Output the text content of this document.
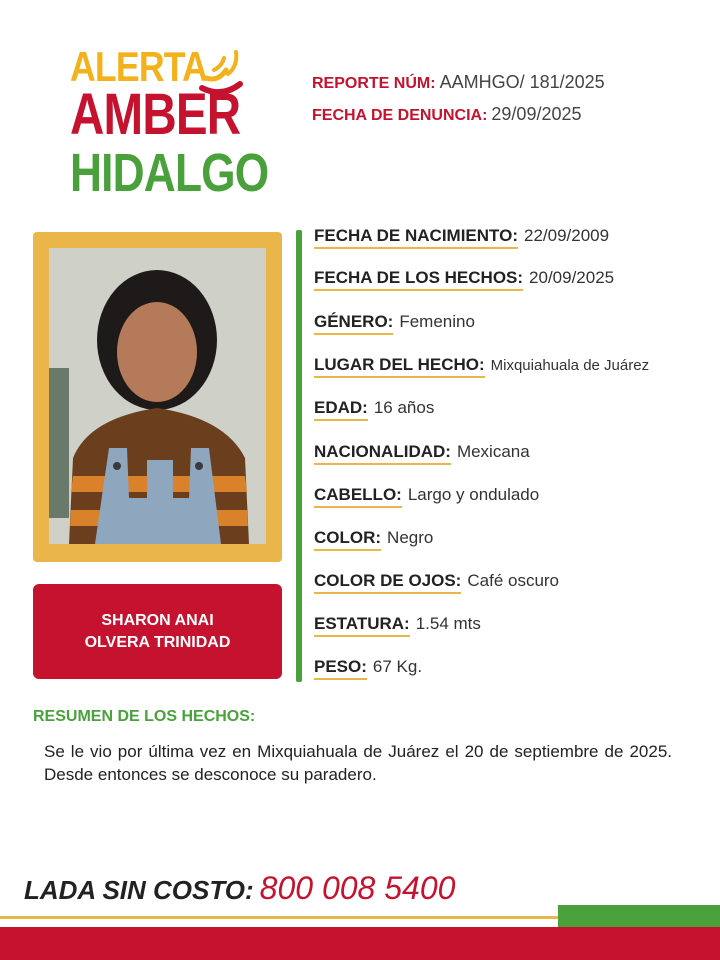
ALERTA
AMBER
HIDALGO
REPORTE NÚM: AAMHGO/ 181/2025
FECHA DE DENUNCIA: 29/09/2025
SHARON ANAI
OLVERA TRINIDAD
FECHA DE NACIMIENTO: 22/09/2009
FECHA DE LOS HECHOS: 20/09/2025
GÉNERO: Femenino
LUGAR DEL HECHO: Mixquiahuala de Juárez
EDAD: 16 años
NACIONALIDAD: Mexicana
CABELLO: Largo y ondulado
COLOR: Negro
COLOR DE OJOS: Café oscuro
ESTATURA: 1.54 mts
PESO: 67 Kg.
RESUMEN DE LOS HECHOS:
Se le vio por última vez en Mixquiahuala de Juárez el 20 de septiembre de 2025. Desde entonces se desconoce su paradero.
LADA SIN COSTO: 800 008 5400
